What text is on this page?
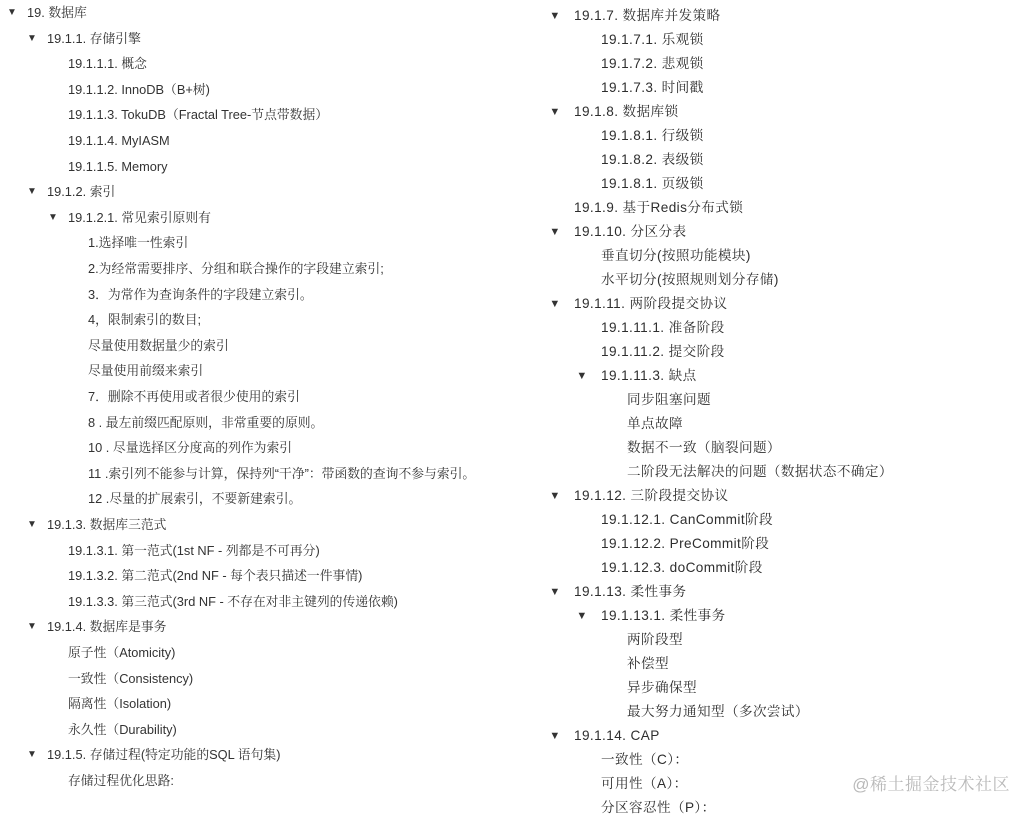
▼ 19. 数据库
▼ 19.1.1. 存储引擎
19.1.1.1. 概念
19.1.1.2. InnoDB（B+树)
19.1.1.3. TokuDB（Fractal Tree-节点带数据）
19.1.1.4. MyIASM
19.1.1.5. Memory
▼ 19.1.2. 索引
▼ 19.1.2.1. 常见索引原则有
1.选择唯一性索引
2.为经常需要排序、分组和联合操作的字段建立索引;
3．为常作为查询条件的字段建立索引。
4，限制索引的数目;
尽量使用数据量少的索引
尽量使用前缀来索引
7．删除不再使用或者很少使用的索引
8 . 最左前缀匹配原则，非常重要的原则。
10 . 尽量选择区分度高的列作为索引
11 .索引列不能参与计算，保持列“干净”：带函数的查询不参与索引。
12 .尽量的扩展索引，不要新建索引。
▼ 19.1.3. 数据库三范式
19.1.3.1. 第一范式(1st NF - 列都是不可再分)
19.1.3.2. 第二范式(2nd NF - 每个表只描述一件事情)
19.1.3.3. 第三范式(3rd NF - 不存在对非主键列的传递依赖)
▼ 19.1.4. 数据库是事务
原子性（Atomicity)
一致性（Consistency)
隔离性（Isolation)
永久性（Durability)
▼ 19.1.5. 存储过程(特定功能的SQL 语句集)
存储过程优化思路:
▼ 19.1.7. 数据库并发策略
19.1.7.1. 乐观锁
19.1.7.2. 悲观锁
19.1.7.3. 时间戳
▼ 19.1.8. 数据库锁
19.1.8.1. 行级锁
19.1.8.2. 表级锁
19.1.8.1. 页级锁
19.1.9. 基于Redis分布式锁
▼ 19.1.10. 分区分表
垂直切分(按照功能模块)
水平切分(按照规则划分存储)
▼ 19.1.11. 两阶段提交协议
19.1.11.1. 准备阶段
19.1.11.2. 提交阶段
▼ 19.1.11.3. 缺点
同步阻塞问题
单点故障
数据不一致（脑裂问题）
二阶段无法解决的问题（数据状态不确定）
▼ 19.1.12. 三阶段提交协议
19.1.12.1. CanCommit阶段
19.1.12.2. PreCommit阶段
19.1.12.3. doCommit阶段
▼ 19.1.13. 柔性事务
▼ 19.1.13.1. 柔性事务
两阶段型
补偿型
异步确保型
最大努力通知型（多次尝试）
▼ 19.1.14. CAP
一致性（C）：
可用性（A）：
分区容忍性（P）：
@稀土掘金技术社区
